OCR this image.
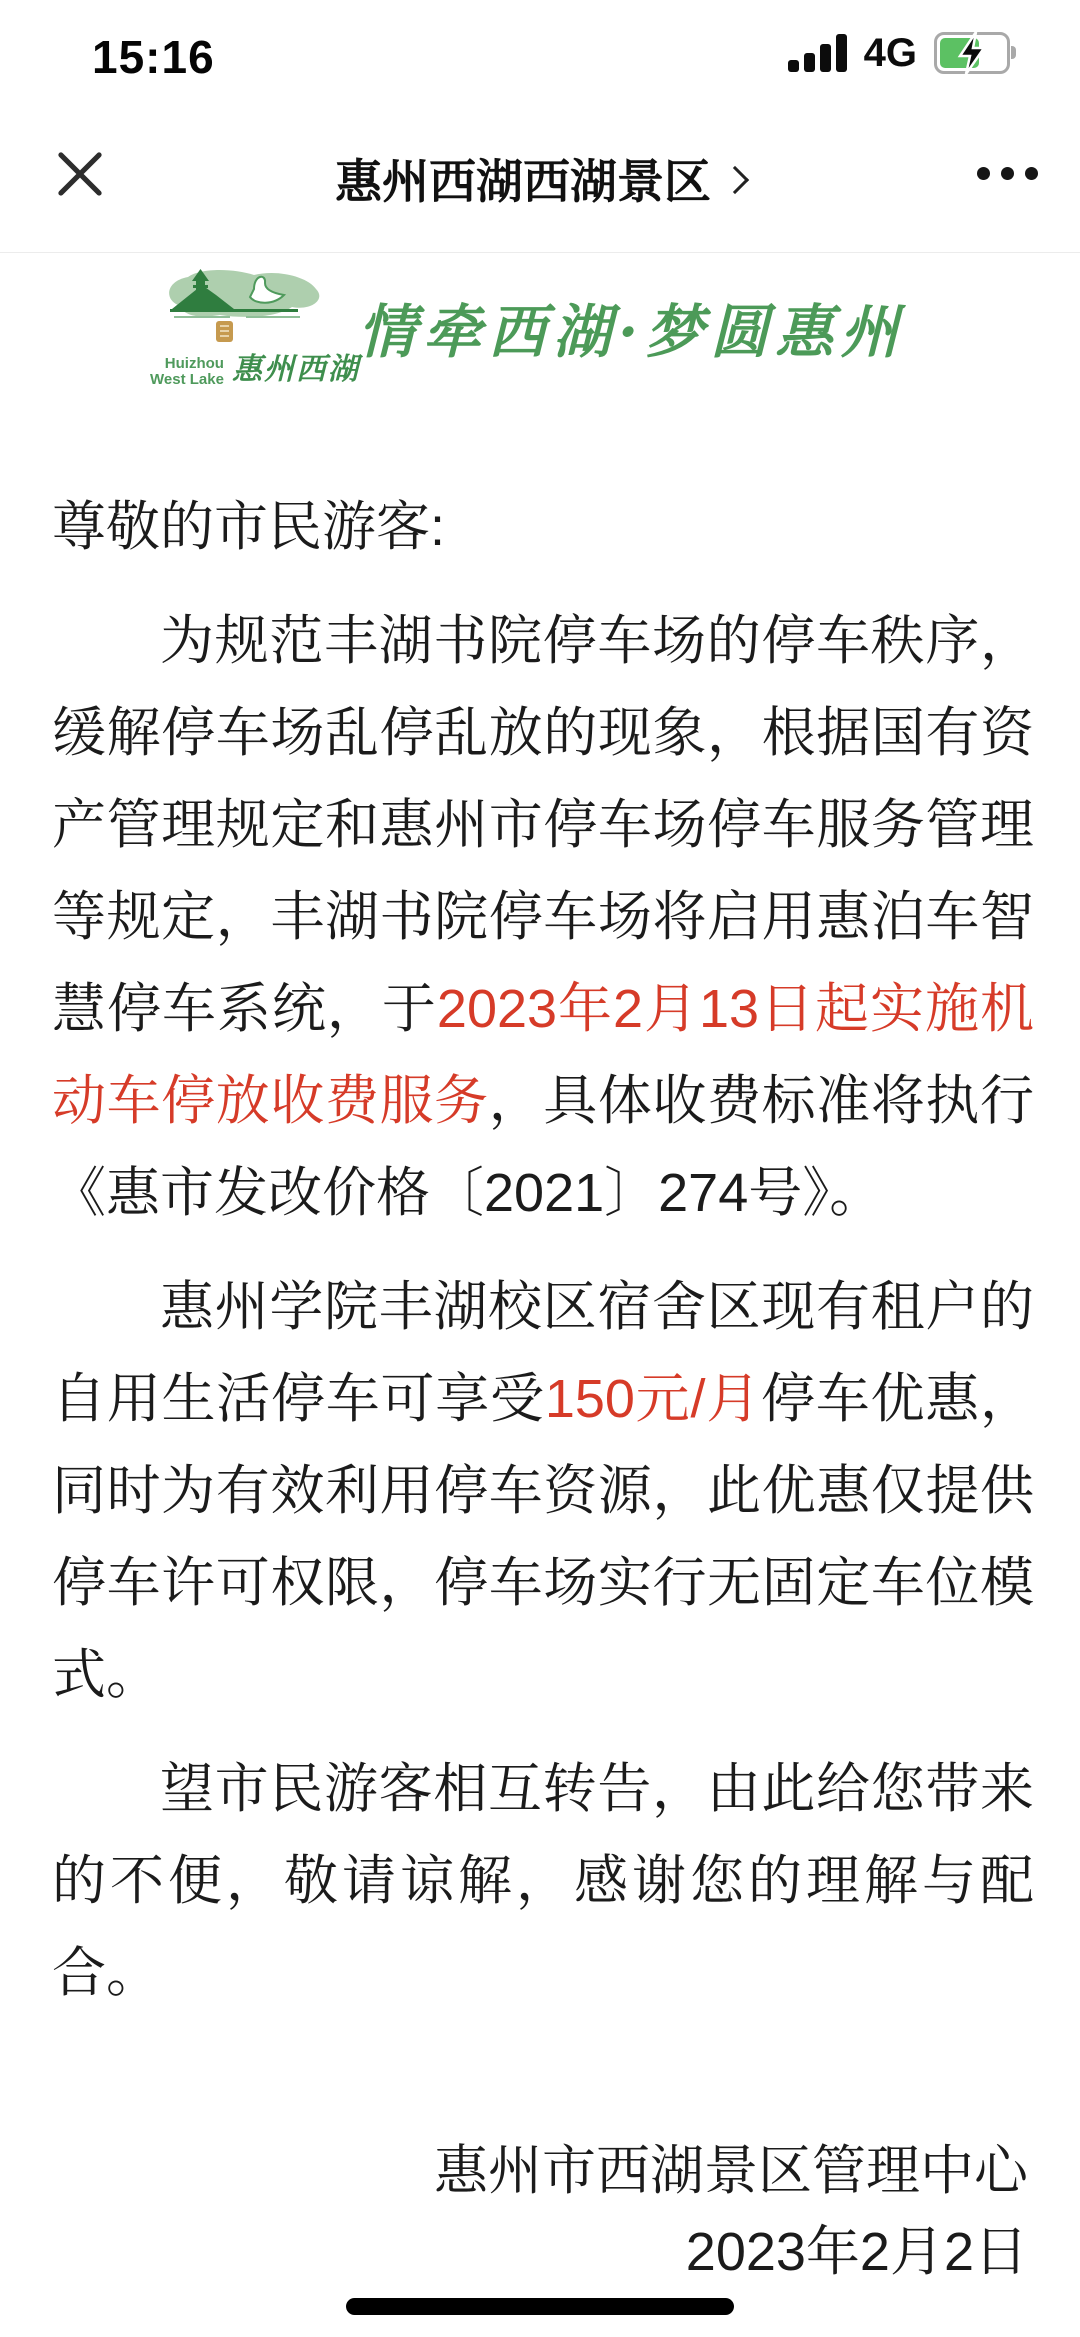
15:16	4G
惠州西湖西湖景区
Huizhou
West Lake 惠州西湖
情牵西湖·梦圆惠州

尊敬的市民游客:

为规范丰湖书院停车场的停车秩序，缓解停车场乱停乱放的现象，根据国有资产管理规定和惠州市停车场停车服务管理等规定，丰湖书院停车场将启用惠泊车智慧停车系统，于2023年2月13日起实施机动车停放收费服务，具体收费标准将执行《惠市发改价格〔2021〕274号》。

惠州学院丰湖校区宿舍区现有租户的自用生活停车可享受150元/月停车优惠，同时为有效利用停车资源，此优惠仅提供停车许可权限，停车场实行无固定车位模式。

望市民游客相互转告，由此给您带来的不便，敬请谅解，感谢您的理解与配合。

惠州市西湖景区管理中心
2023年2月2日
